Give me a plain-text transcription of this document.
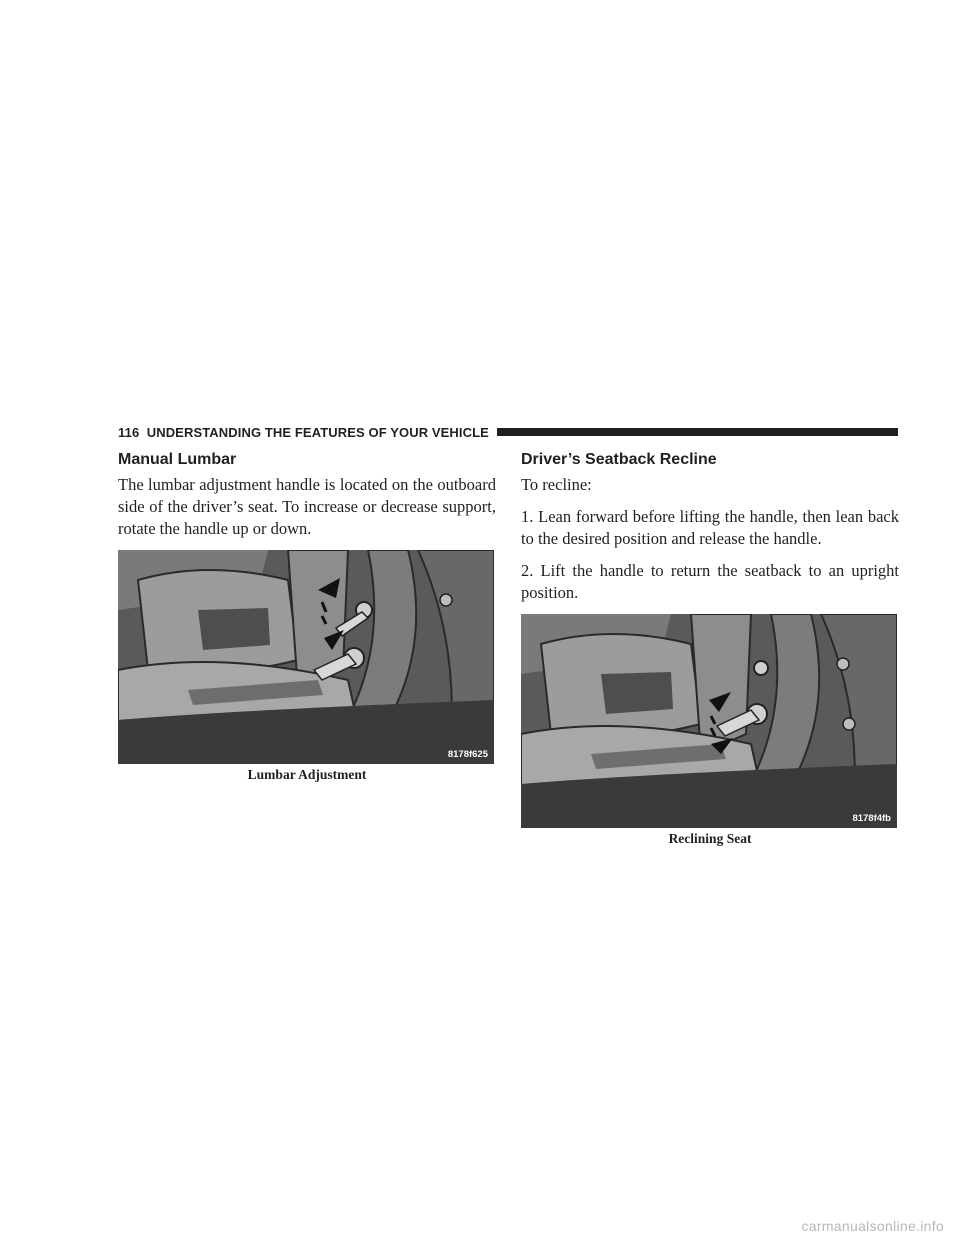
116 UNDERSTANDING THE FEATURES OF YOUR VEHICLE
Manual Lumbar

The lumbar adjustment handle is located on the outboard side of the driver’s seat. To increase or decrease support, rotate the handle up or down.

8178f625
Lumbar Adjustment
Driver’s Seatback Recline

To recline:

1. Lean forward before lifting the handle, then lean back to the desired position and release the handle.

2. Lift the handle to return the seatback to an upright position.

8178f4fb
Reclining Seat
carmanualsonline.info
